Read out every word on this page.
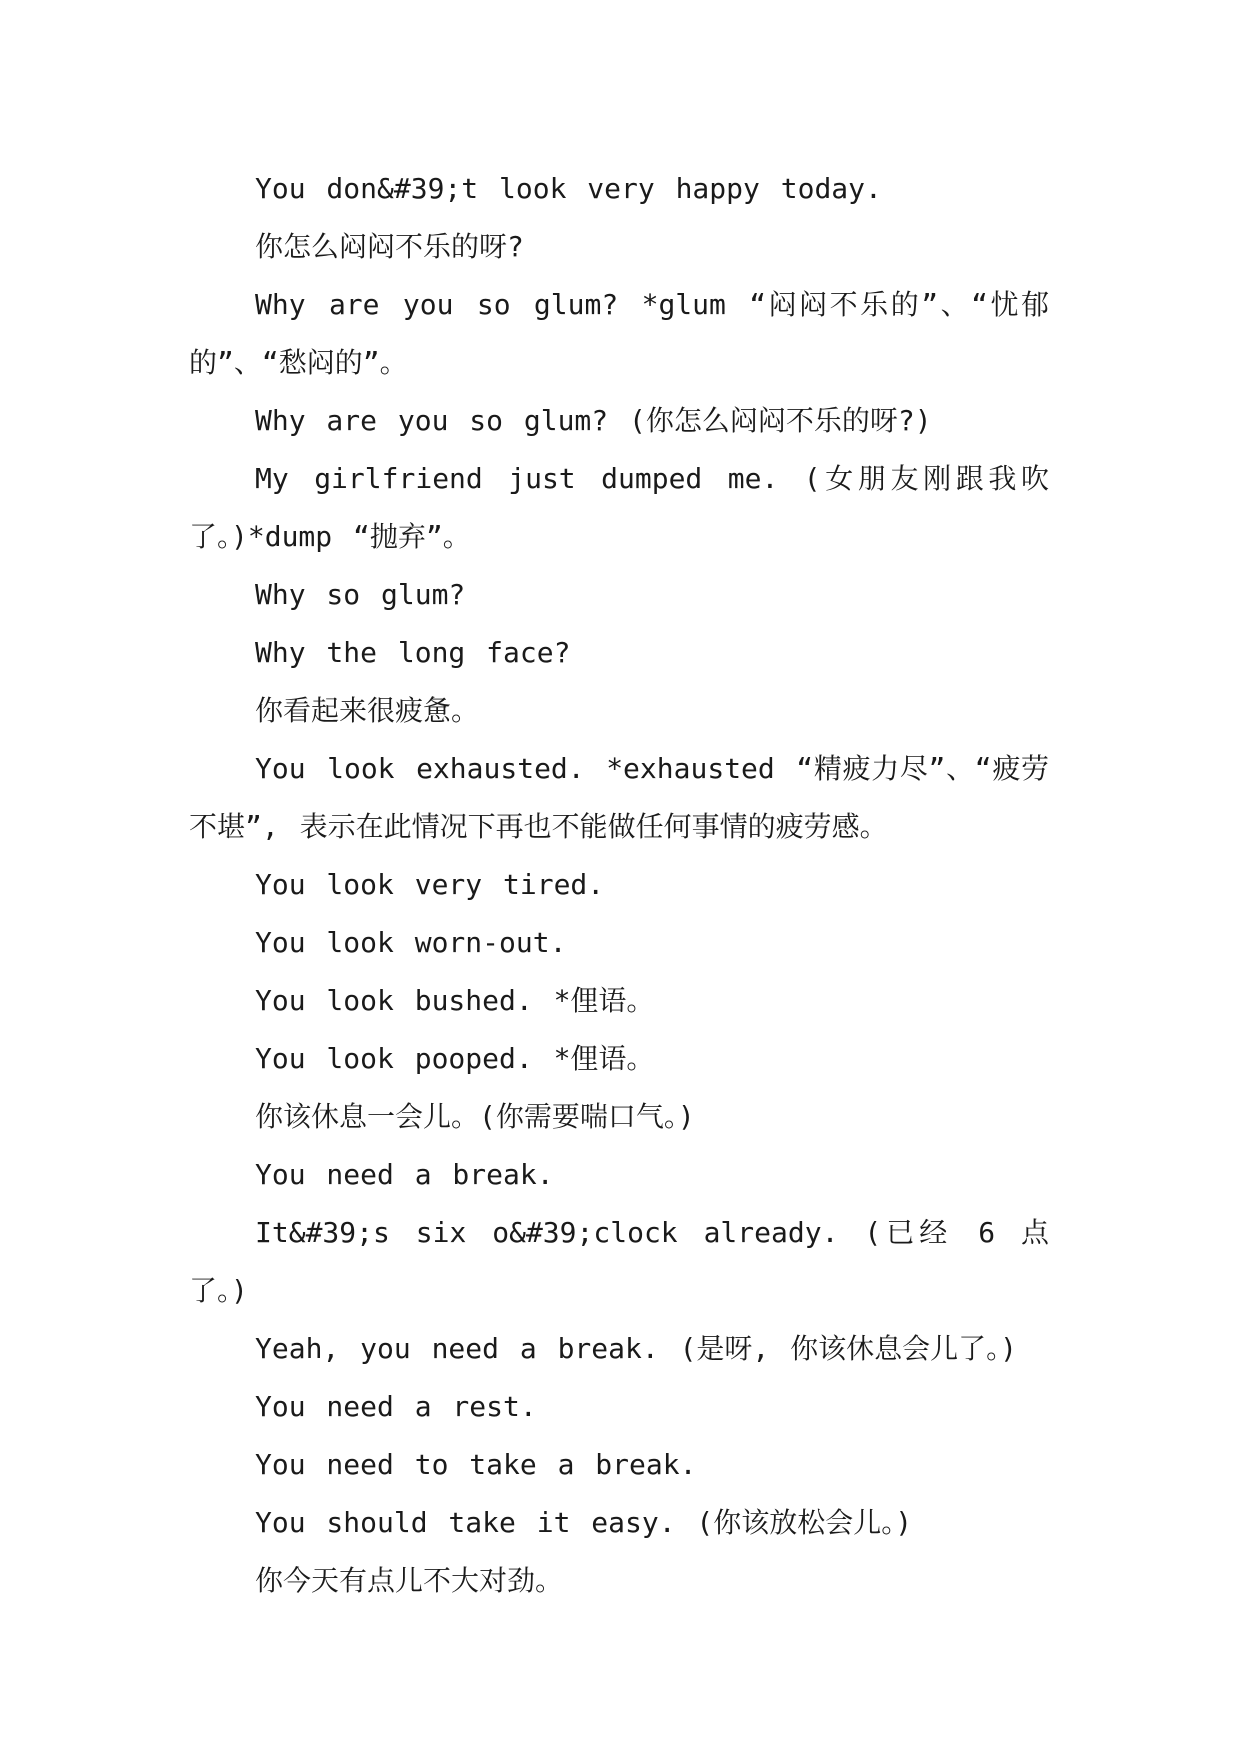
You don&#39;t look very happy today.

你怎么闷闷不乐的呀?

Why are you so glum? *glum “闷闷不乐的”、“忧郁的”、“愁闷的”。

Why are you so glum? (你怎么闷闷不乐的呀?)

My girlfriend just dumped me. (女朋友刚跟我吹了。)*dump “抛弃”。

Why so glum?

Why the long face?

你看起来很疲惫。

You look exhausted. *exhausted “精疲力尽”、“疲劳不堪”, 表示在此情况下再也不能做任何事情的疲劳感。

You look very tired.

You look worn-out.

You look bushed. *俚语。

You look pooped. *俚语。

你该休息一会儿。(你需要喘口气。)

You need a break.

It&#39;s six o&#39;clock already. (已经 6 点了。)

Yeah, you need a break. (是呀, 你该休息会儿了。)

You need a rest.

You need to take a break.

You should take it easy. (你该放松会儿。)

你今天有点儿不大对劲。
